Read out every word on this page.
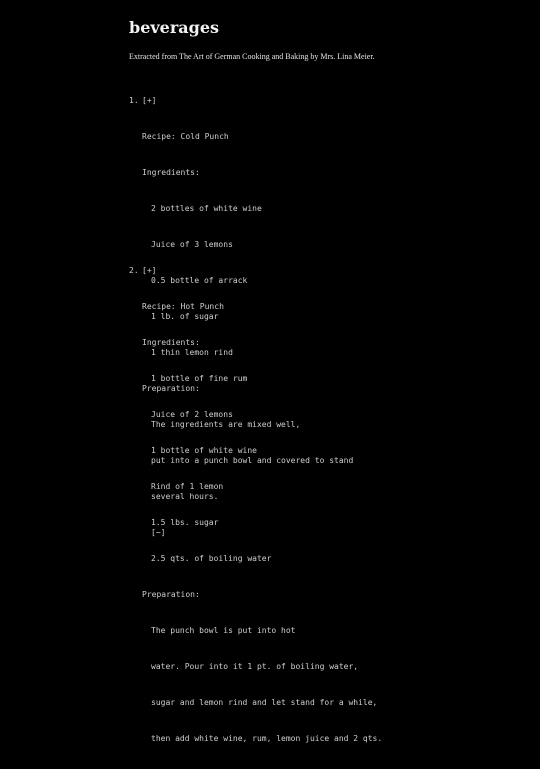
beverages

Extracted from The Art of German Cooking and Baking by Mrs. Lina Meier.

1. [+]

Recipe: Cold Punch

Ingredients:

2 bottles of white wine

Juice of 3 lemons

0.5 bottle of arrack

1 lb. of sugar

1 thin lemon rind

Preparation:

The ingredients are mixed well,

put into a punch bowl and covered to stand

several hours.

[−]

2. [+]

Recipe: Hot Punch

Ingredients:

1 bottle of fine rum

Juice of 2 lemons

1 bottle of white wine

Rind of 1 lemon

1.5 lbs. sugar

2.5 qts. of boiling water

Preparation:

The punch bowl is put into hot

water. Pour into it 1 pt. of boiling water,

sugar and lemon rind and let stand for a while,

then add white wine, rum, lemon juice and 2 qts.
